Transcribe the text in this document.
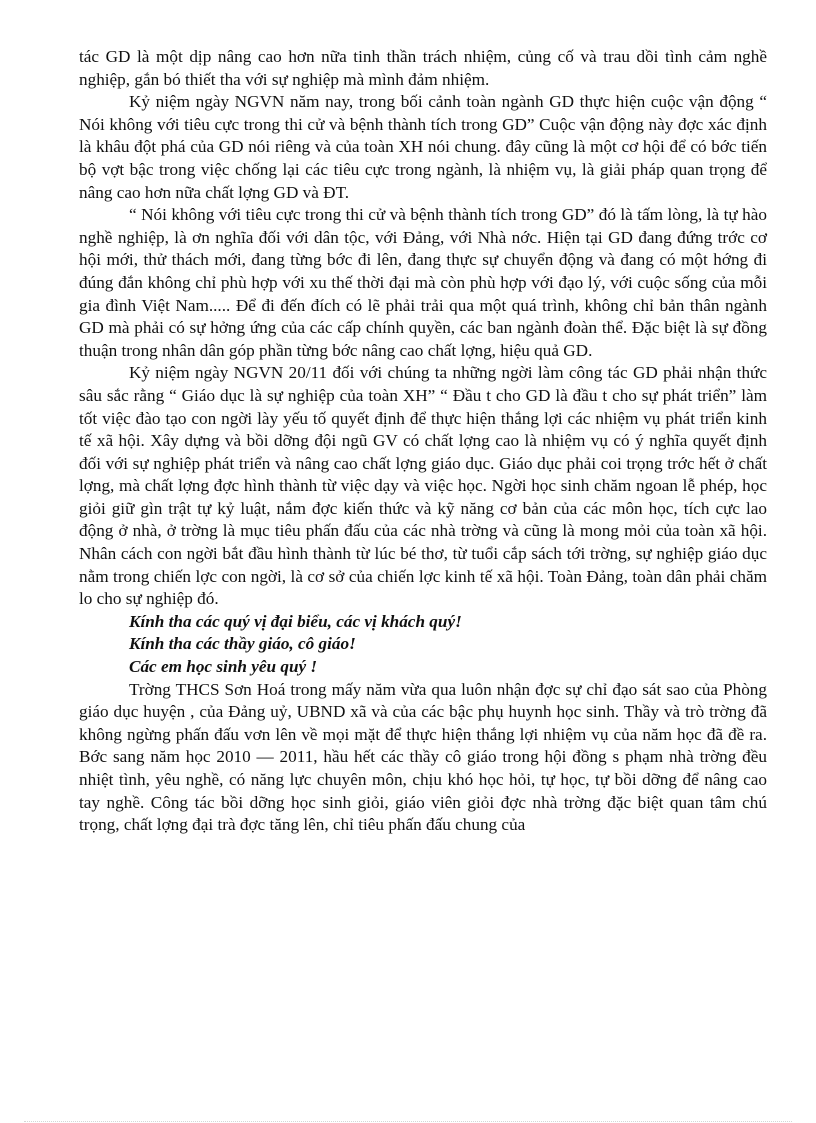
tác GD là một dịp nâng cao hơn nữa tinh thần trách nhiệm, củng cố và trau dồi tình cảm nghề nghiệp, gắn bó thiết tha với sự nghiệp mà mình đảm nhiệm.

Kỷ niệm ngày NGVN năm nay, trong bối cảnh toàn ngành GD thực hiện cuộc vận động “ Nói không với tiêu cực trong thi cử và bệnh thành tích trong GD” Cuộc vận động này đợc xác định là khâu đột phá của GD nói riêng và của toàn XH nói chung. đây cũng là một cơ hội để có bớc tiến bộ vợt bậc trong việc chống lại các tiêu cực trong ngành, là nhiệm vụ, là giải pháp quan trọng để nâng cao hơn nữa chất lợng GD và ĐT.

“ Nói không với tiêu cực trong thi cử và bệnh thành tích trong GD” đó là tấm lòng, là tự hào nghề nghiệp, là ơn nghĩa đối với dân tộc, với Đảng, với Nhà nớc. Hiện tại GD đang đứng trớc cơ hội mới, thử thách mới, đang từng bớc đi lên, đang thực sự chuyển động và đang có một hớng đi đúng đắn không chỉ phù hợp với xu thế thời đại mà còn phù hợp với đạo lý, với cuộc sống của mỗi gia đình Việt Nam..... Để đi đến đích có lẽ phải trải qua một quá trình, không chỉ bản thân ngành GD mà phải có sự hởng ứng của các cấp chính quyền, các ban ngành đoàn thể. Đặc biệt là sự đồng thuận trong nhân dân góp phần từng bớc nâng cao chất lợng, hiệu quả GD.

Kỷ niệm ngày NGVN 20/11 đối với chúng ta những ngời làm công tác GD phải nhận thức sâu sắc rằng “ Giáo dục là sự nghiệp của toàn XH” “ Đầu t cho GD là đầu t cho sự phát triển” làm tốt việc đào tạo con ngời lày yếu tố quyết định để thực hiện thắng lợi các nhiệm vụ phát triển kinh tế xã hội. Xây dựng và bồi dỡng đội ngũ GV có chất lợng cao là nhiệm vụ có ý nghĩa quyết định đối với sự nghiệp phát triển và nâng cao chất lợng giáo dục. Giáo dục phải coi trọng trớc hết ở chất lợng, mà chất lợng đợc hình thành từ việc dạy và việc học. Ngời học sinh chăm ngoan lễ phép, học giỏi giữ gìn trật tự kỷ luật, nắm đợc kiến thức và kỹ năng cơ bản của các môn học, tích cực lao động ở nhà, ở trờng là mục tiêu phấn đấu của các nhà trờng và cũng là mong mỏi của toàn xã hội. Nhân cách con ngời bắt đầu hình thành từ lúc bé thơ, từ tuổi cắp sách tới trờng, sự nghiệp giáo dục nằm trong chiến lợc con ngời, là cơ sở của chiến lợc kinh tế xã hội. Toàn Đảng, toàn dân phải chăm lo cho sự nghiệp đó.

Kính tha các quý vị đại biểu, các vị khách quý!

Kính tha các thầy giáo, cô giáo!

Các em học sinh yêu quý !

Trờng THCS Sơn Hoá trong mấy năm vừa qua luôn nhận đợc sự chỉ đạo sát sao của Phòng giáo dục huyện , của Đảng uỷ, UBND xã và của các bậc phụ huynh học sinh. Thầy và trò trờng đã không ngừng phấn đấu vơn lên về mọi mặt để thực hiện thắng lợi nhiệm vụ của năm học đã đề ra. Bớc sang năm học 2010 — 2011, hầu hết các thầy cô giáo trong hội đồng s phạm nhà trờng đều nhiệt tình, yêu nghề, có năng lực chuyên môn, chịu khó học hỏi, tự học, tự bồi dỡng để nâng cao tay nghề. Công tác bồi dỡng học sinh giỏi, giáo viên giỏi đợc nhà trờng đặc biệt quan tâm chú trọng, chất lợng đại trà đợc tăng lên, chỉ tiêu phấn đấu chung của
